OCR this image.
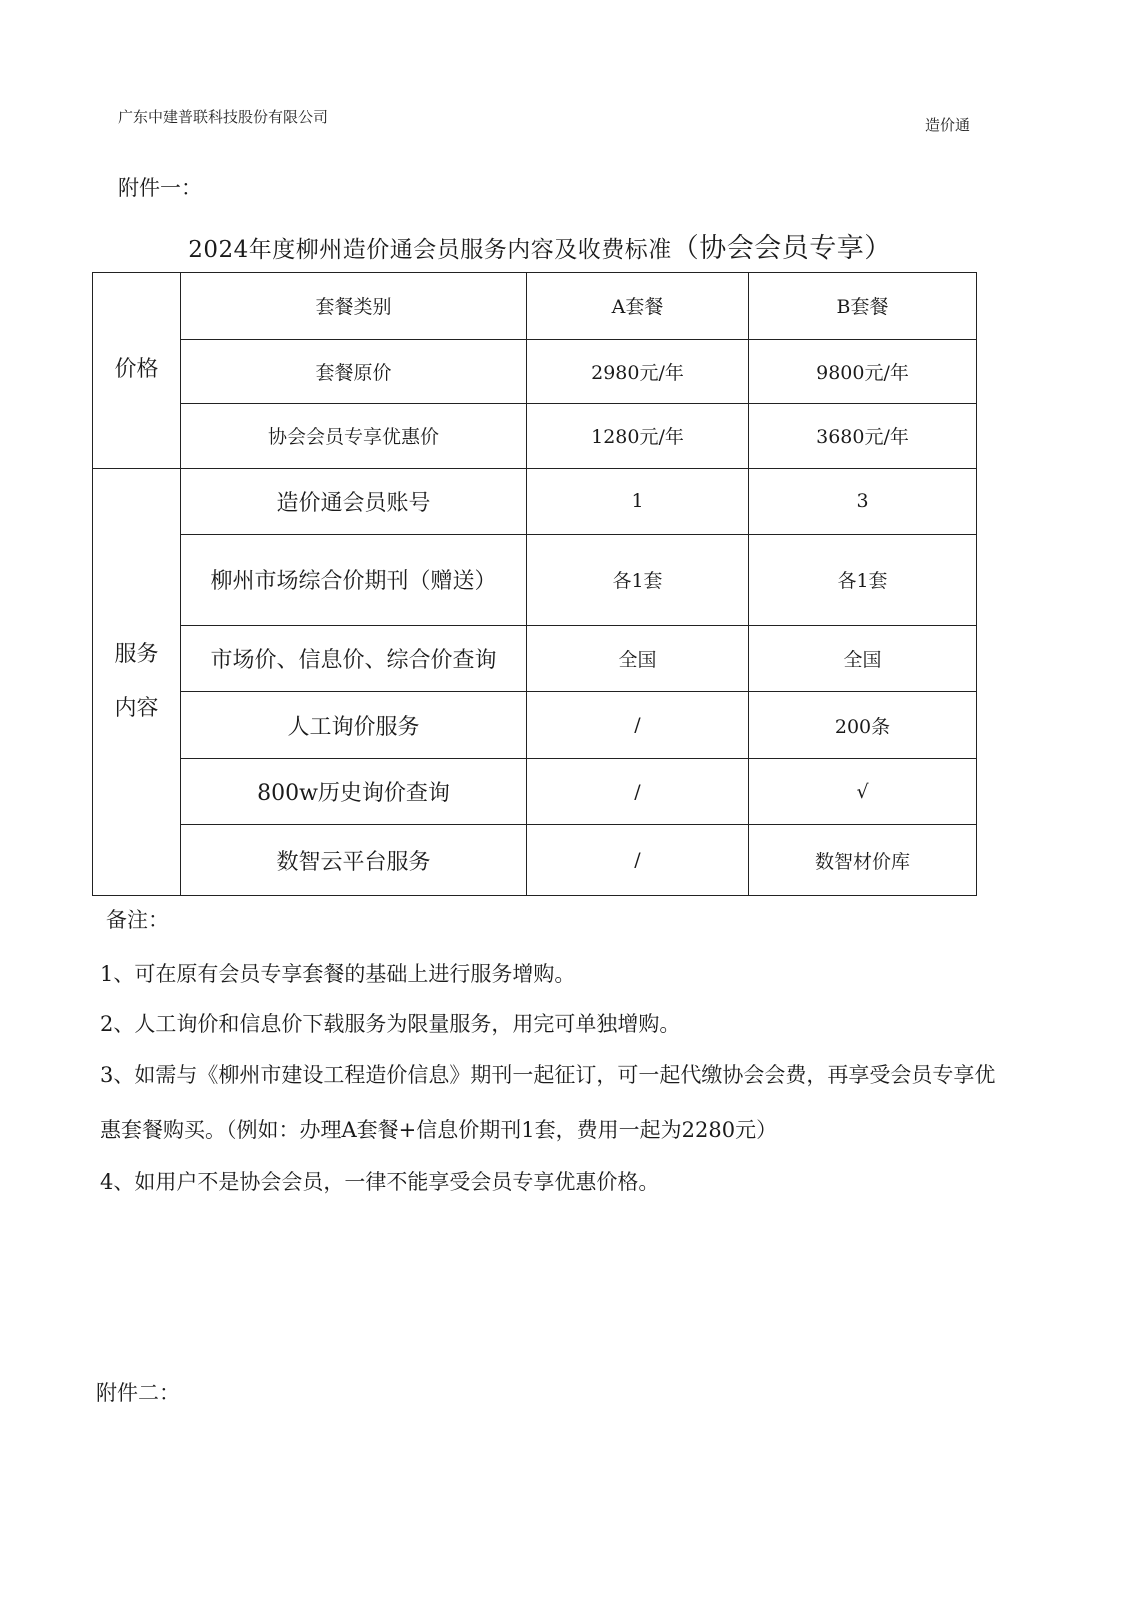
广东中建普联科技股份有限公司	造价通
附件一：
2024年度柳州造价通会员服务内容及收费标准（协会会员专享）
价格	套餐类别	A套餐	B套餐
	套餐原价	2980元/年	9800元/年
	协会会员专享优惠价	1280元/年	3680元/年

服务
内容	造价通会员账号	1	3
	柳州市场综合价期刊（赠送）	各1套	各1套
	市场价、信息价、综合价查询	全国	全国
	人工询价服务	/	200条
	800w历史询价查询	/	√
	数智云平台服务	/	数智材价库
备注：

1、可在原有会员专享套餐的基础上进行服务增购。

2、人工询价和信息价下载服务为限量服务，用完可单独增购。

3、如需与《柳州市建设工程造价信息》期刊一起征订，可一起代缴协会会费，再享受会员专享优惠套餐购买。（例如：办理A套餐+信息价期刊1套，费用一起为2280元）

4、如用户不是协会会员，一律不能享受会员专享优惠价格。

附件二：
